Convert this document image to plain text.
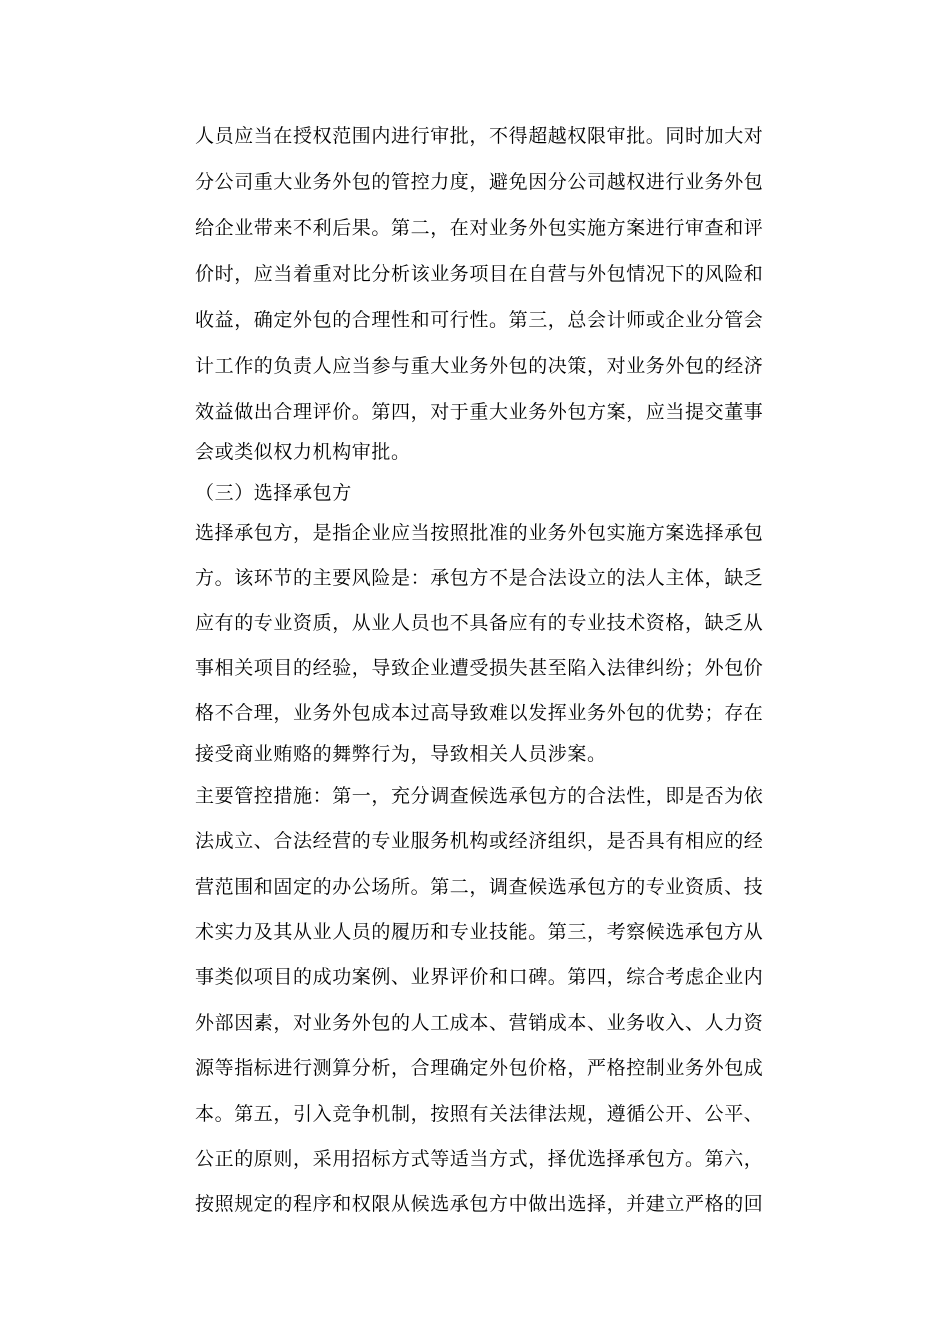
人员应当在授权范围内进行审批，不得超越权限审批。同时加大对
分公司重大业务外包的管控力度，避免因分公司越权进行业务外包
给企业带来不利后果。第二，在对业务外包实施方案进行审查和评
价时，应当着重对比分析该业务项目在自营与外包情况下的风险和
收益，确定外包的合理性和可行性。第三，总会计师或企业分管会
计工作的负责人应当参与重大业务外包的决策，对业务外包的经济
效益做出合理评价。第四，对于重大业务外包方案，应当提交董事
会或类似权力机构审批。
（三）选择承包方
选择承包方，是指企业应当按照批准的业务外包实施方案选择承包
方。该环节的主要风险是：承包方不是合法设立的法人主体，缺乏
应有的专业资质，从业人员也不具备应有的专业技术资格，缺乏从
事相关项目的经验，导致企业遭受损失甚至陷入法律纠纷；外包价
格不合理，业务外包成本过高导致难以发挥业务外包的优势；存在
接受商业贿赂的舞弊行为，导致相关人员涉案。
主要管控措施：第一，充分调查候选承包方的合法性，即是否为依
法成立、合法经营的专业服务机构或经济组织，是否具有相应的经
营范围和固定的办公场所。第二，调查候选承包方的专业资质、技
术实力及其从业人员的履历和专业技能。第三，考察候选承包方从
事类似项目的成功案例、业界评价和口碑。第四，综合考虑企业内
外部因素，对业务外包的人工成本、营销成本、业务收入、人力资
源等指标进行测算分析，合理确定外包价格，严格控制业务外包成
本。第五，引入竞争机制，按照有关法律法规，遵循公开、公平、
公正的原则，采用招标方式等适当方式，择优选择承包方。第六，
按照规定的程序和权限从候选承包方中做出选择，并建立严格的回
